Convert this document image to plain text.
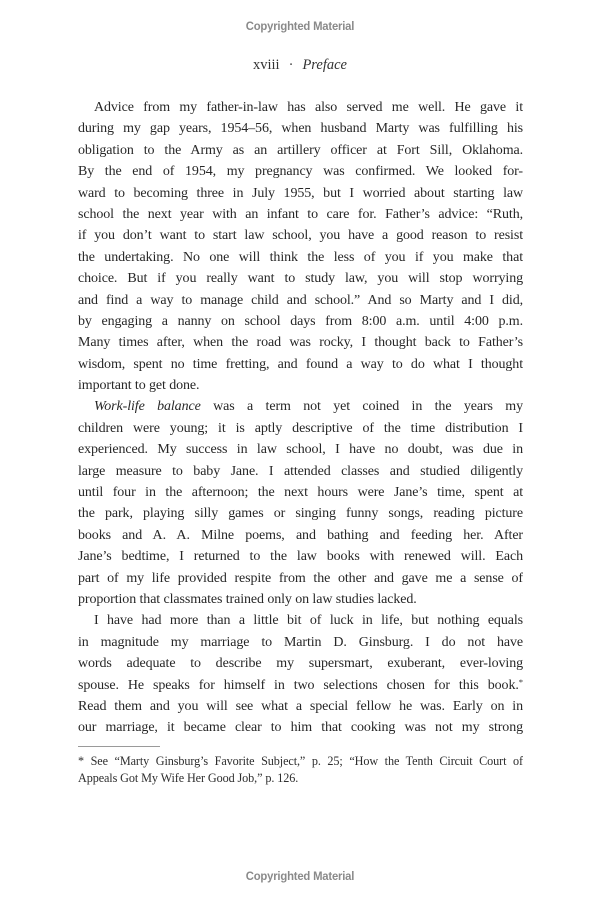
Copyrighted Material
xviii · Preface
Advice from my father-in-law has also served me well. He gave it
during my gap years, 1954–56, when husband Marty was fulfilling his
obligation to the Army as an artillery officer at Fort Sill, Oklahoma.
By the end of 1954, my pregnancy was confirmed. We looked for-
ward to becoming three in July 1955, but I worried about starting law
school the next year with an infant to care for. Father’s advice: “Ruth,
if you don’t want to start law school, you have a good reason to resist
the undertaking. No one will think the less of you if you make that
choice. But if you really want to study law, you will stop worrying
and find a way to manage child and school.” And so Marty and I did,
by engaging a nanny on school days from 8:00 a.m. until 4:00 p.m.
Many times after, when the road was rocky, I thought back to Father’s
wisdom, spent no time fretting, and found a way to do what I thought
important to get done.
Work-life balance was a term not yet coined in the years my
children were young; it is aptly descriptive of the time distribution I
experienced. My success in law school, I have no doubt, was due in
large measure to baby Jane. I attended classes and studied diligently
until four in the afternoon; the next hours were Jane’s time, spent at
the park, playing silly games or singing funny songs, reading picture
books and A. A. Milne poems, and bathing and feeding her. After
Jane’s bedtime, I returned to the law books with renewed will. Each
part of my life provided respite from the other and gave me a sense of
proportion that classmates trained only on law studies lacked.
I have had more than a little bit of luck in life, but nothing equals
in magnitude my marriage to Martin D. Ginsburg. I do not have
words adequate to describe my supersmart, exuberant, ever-loving
spouse. He speaks for himself in two selections chosen for this book.*
Read them and you will see what a special fellow he was. Early on in
our marriage, it became clear to him that cooking was not my strong
* See “Marty Ginsburg’s Favorite Subject,” p. 25; “How the Tenth Circuit Court of
Appeals Got My Wife Her Good Job,” p. 126.
Copyrighted Material
